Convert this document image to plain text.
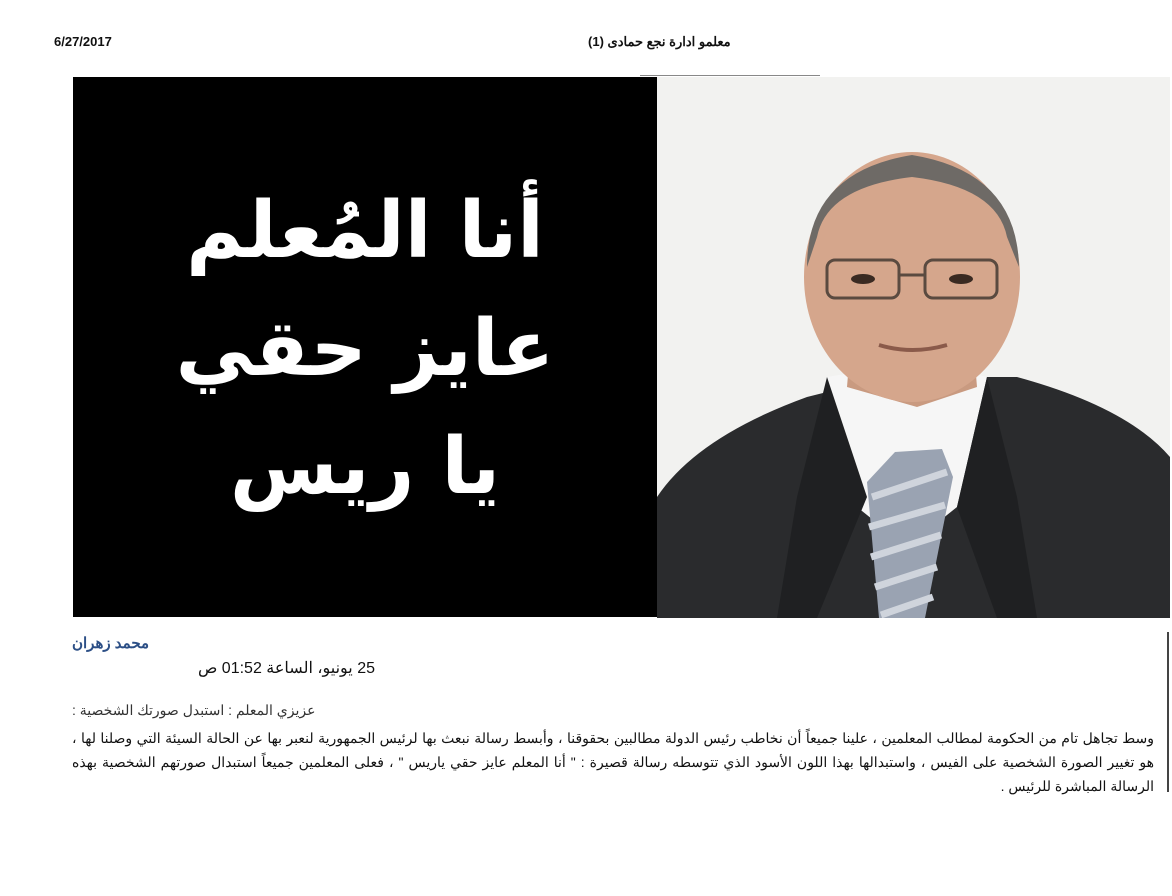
6/27/2017	معلمو ادارة نجع حمادى (1)
أنا المُعلم
عايز حقي
يا ريس
محمد زهران
25 يونيو، الساعة 01:52 ص
عزيزي المعلم : استبدل صورتك الشخصية :
وسط تجاهل تام من الحكومة لمطالب المعلمين ، علينا جميعاً أن نخاطب رئيس الدولة مطالبين بحقوقنا ، وأبسط رسالة نبعث بها لرئيس الجمهورية لنعبر بها عن الحالة السيئة التي وصلنا لها ، هو تغيير الصورة الشخصية على الفيس ، واستبدالها بهذا اللون الأسود الذي تتوسطه رسالة قصيرة : " أنا المعلم عايز حقي ياريس " ، فعلى المعلمين جميعاً استبدال صورتهم الشخصية بهذه الرسالة المباشرة للرئيس .
